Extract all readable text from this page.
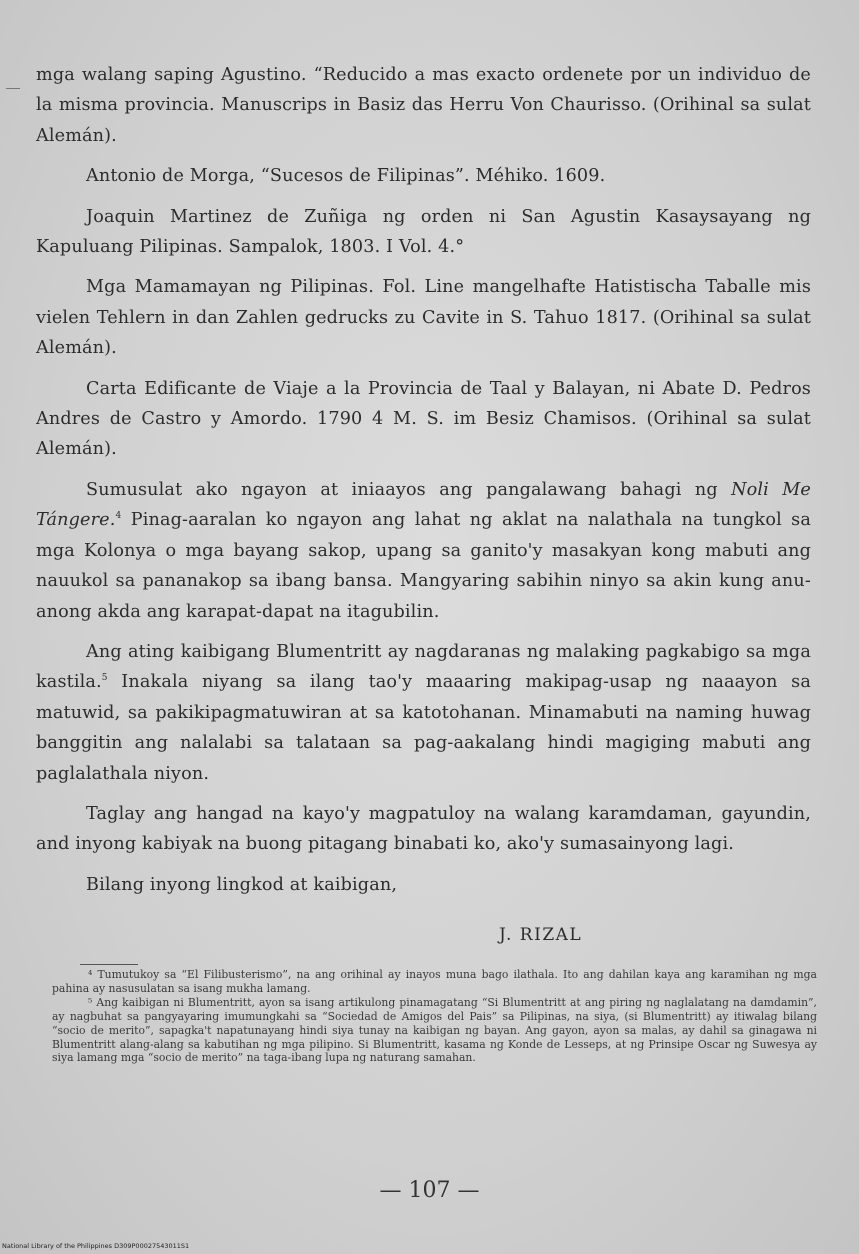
mga walang saping Agustino. “Reducido a mas exacto ordenete por un individuo de la misma provincia. Manuscrips in Basiz das Herru Von Chaurisso. (Orihinal sa sulat Alemán).

Antonio de Morga, “Sucesos de Filipinas”. Méhiko. 1609.

Joaquin Martinez de Zuñiga ng orden ni San Agustin Kasaysayang ng Kapuluang Pilipinas. Sampalok, 1803. I Vol. 4.°

Mga Mamamayan ng Pilipinas. Fol. Line mangelhafte Hatistischa Taballe mis vielen Tehlern in dan Zahlen gedrucks zu Cavite in S. Tahuo 1817. (Orihinal sa sulat Alemán).

Carta Edificante de Viaje a la Provincia de Taal y Balayan, ni Abate D. Pedros Andres de Castro y Amordo. 1790 4 M. S. im Besiz Chamisos. (Orihinal sa sulat Alemán).

Sumusulat ako ngayon at iniaayos ang pangalawang bahagi ng Noli Me Tángere.$^4$ Pinag-aaralan ko ngayon ang lahat ng aklat na nalathala na tungkol sa mga Kolonya o mga bayang sakop, upang sa ganito'y masakyan kong mabuti ang nauukol sa pananakop sa ibang bansa. Mangyaring sabihin ninyo sa akin kung anu-anong akda ang karapat-dapat na itagubilin.

Ang ating kaibigang Blumentritt ay nagdaranas ng malaking pagkabigo sa mga kastila.$^5$ Inakala niyang sa ilang tao'y maaaring makipag-usap ng naaayon sa matuwid, sa pakikipagmatuwiran at sa katotohanan. Minamabuti na naming huwag banggitin ang nalalabi sa talataan sa pag-aakalang hindi magiging mabuti ang paglalathala niyon.

Taglay ang hangad na kayo'y magpatuloy na walang karamdaman, gayundin, and inyong kabiyak na buong pitagang binabati ko, ako'y sumasainyong lagi.

Bilang inyong lingkod at kaibigan,

J. RIZAL

⁴ Tumutukoy sa “El Filibusterismo”, na ang orihinal ay inayos muna bago ilathala. Ito ang dahilan kaya ang karamihan ng mga pahina ay nasusulatan sa isang mukha lamang.

⁵ Ang kaibigan ni Blumentritt, ayon sa isang artikulong pinamagatang “Si Blumentritt at ang piring ng naglalatang na damdamin”, ay nagbuhat sa pangyayaring imumungkahi sa “Sociedad de Amigos del Pais” sa Pilipinas, na siya, (si Blumentritt) ay itiwalag bilang “socio de merito”, sapagka't napatunayang hindi siya tunay na kaibigan ng bayan. Ang gayon, ayon sa malas, ay dahil sa ginagawa ni Blumentritt alang-alang sa kabutihan ng mga pilipino. Si Blumentritt, kasama ng Konde de Lesseps, at ng Prinsipe Oscar ng Suwesya ay siya lamang mga “socio de merito” na taga-ibang lupa ng naturang samahan.

— 107 —
National Library of the Philippines D309P00027543011S1
